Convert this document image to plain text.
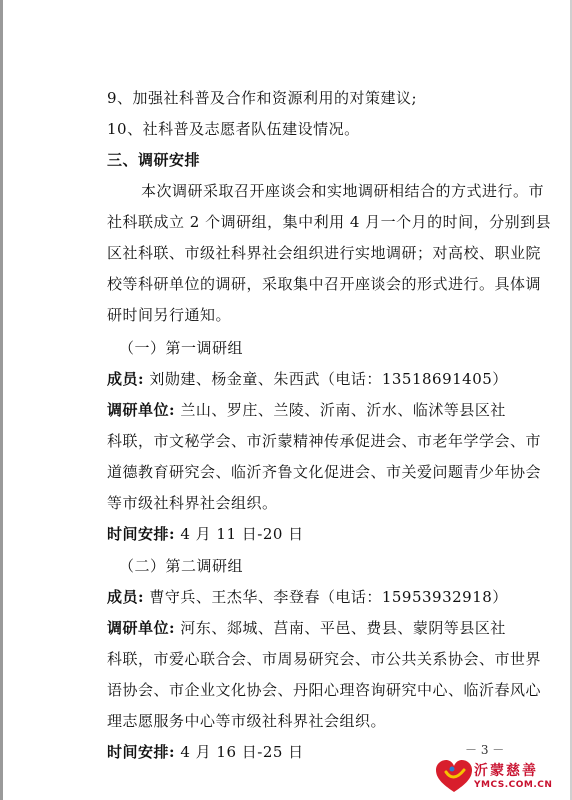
9、加强社科普及合作和资源利用的对策建议;
10、社科普及志愿者队伍建设情况。
三、调研安排
本次调研采取召开座谈会和实地调研相结合的方式进行。市
社科联成立 2 个调研组，集中利用 4 月一个月的时间，分别到县
区社科联、市级社科界社会组织进行实地调研；对高校、职业院
校等科研单位的调研，采取集中召开座谈会的形式进行。具体调
研时间另行通知。
（一）第一调研组
成员: 刘勋建、杨金童、朱西武（电话：13518691405）
调研单位: 兰山、罗庄、兰陵、沂南、沂水、临沭等县区社
科联，市文秘学会、市沂蒙精神传承促进会、市老年学学会、市
道德教育研究会、临沂齐鲁文化促进会、市关爱问题青少年协会
等市级社科界社会组织。
时间安排: 4 月 11 日-20 日
（二）第二调研组
成员: 曹守兵、王杰华、李登春（电话：15953932918）
调研单位: 河东、郯城、莒南、平邑、费县、蒙阴等县区社
科联，市爱心联合会、市周易研究会、市公共关系协会、市世界
语协会、市企业文化协会、丹阳心理咨询研究中心、临沂春风心
理志愿服务中心等市级社科界社会组织。
时间安排: 4 月 16 日-25 日	－ 3 －
沂蒙慈善
YMCS.COM.CN
